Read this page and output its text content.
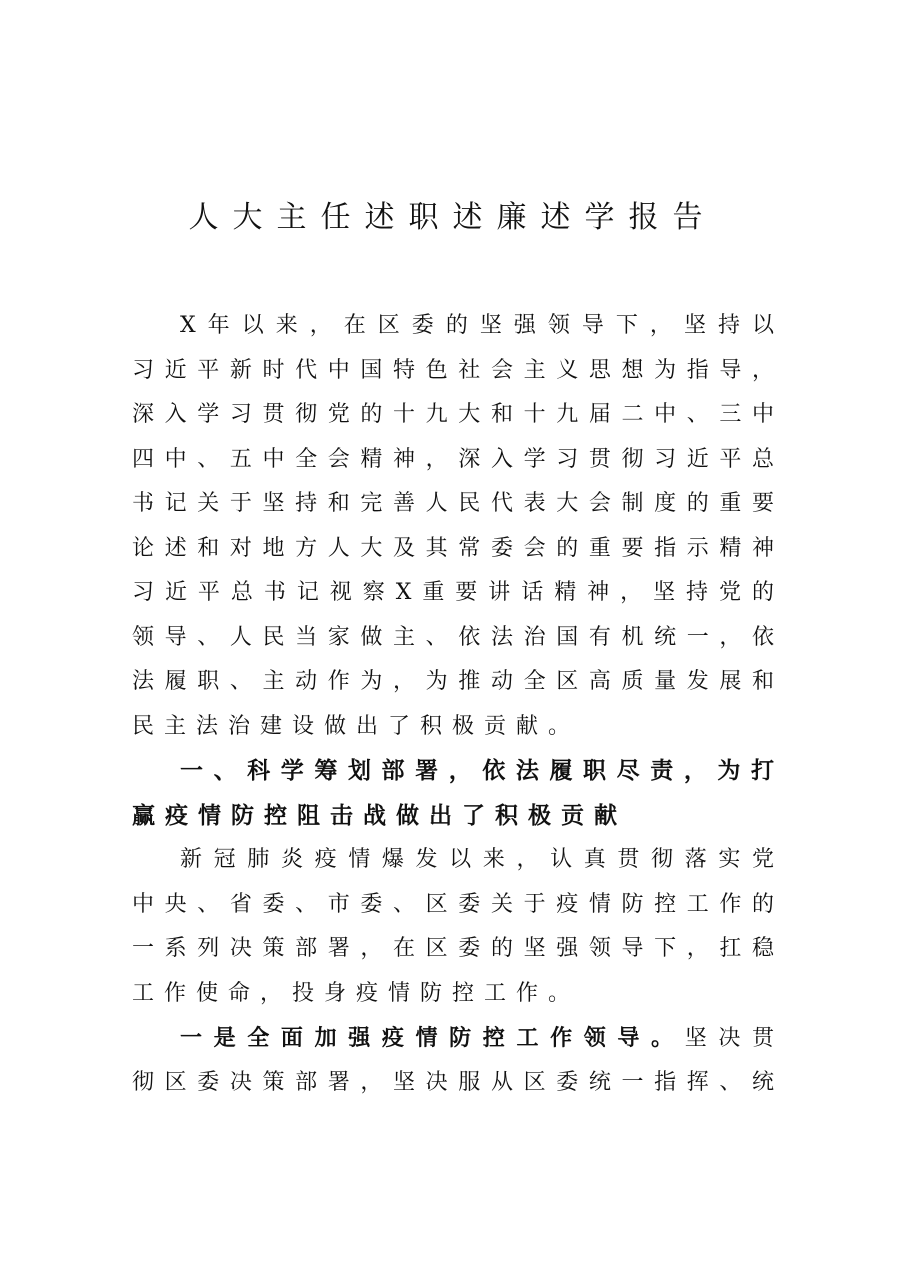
人大主任述职述廉述学报告
X年以来，在区委的坚强领导下，坚持以
习近平新时代中国特色社会主义思想为指导，
深入学习贯彻党的十九大和十九届二中、三中
四中、五中全会精神，深入学习贯彻习近平总
书记关于坚持和完善人民代表大会制度的重要
论述和对地方人大及其常委会的重要指示精神
习近平总书记视察X重要讲话精神，坚持党的
领导、人民当家做主、依法治国有机统一，依
法履职、主动作为，为推动全区高质量发展和
民主法治建设做出了积极贡献。
一、科学筹划部署，依法履职尽责，为打
赢疫情防控阻击战做出了积极贡献
新冠肺炎疫情爆发以来，认真贯彻落实党
中央、省委、市委、区委关于疫情防控工作的
一系列决策部署，在区委的坚强领导下，扛稳
工作使命，投身疫情防控工作。
一是全面加强疫情防控工作领导。坚决贯
彻区委决策部署，坚决服从区委统一指挥、统
